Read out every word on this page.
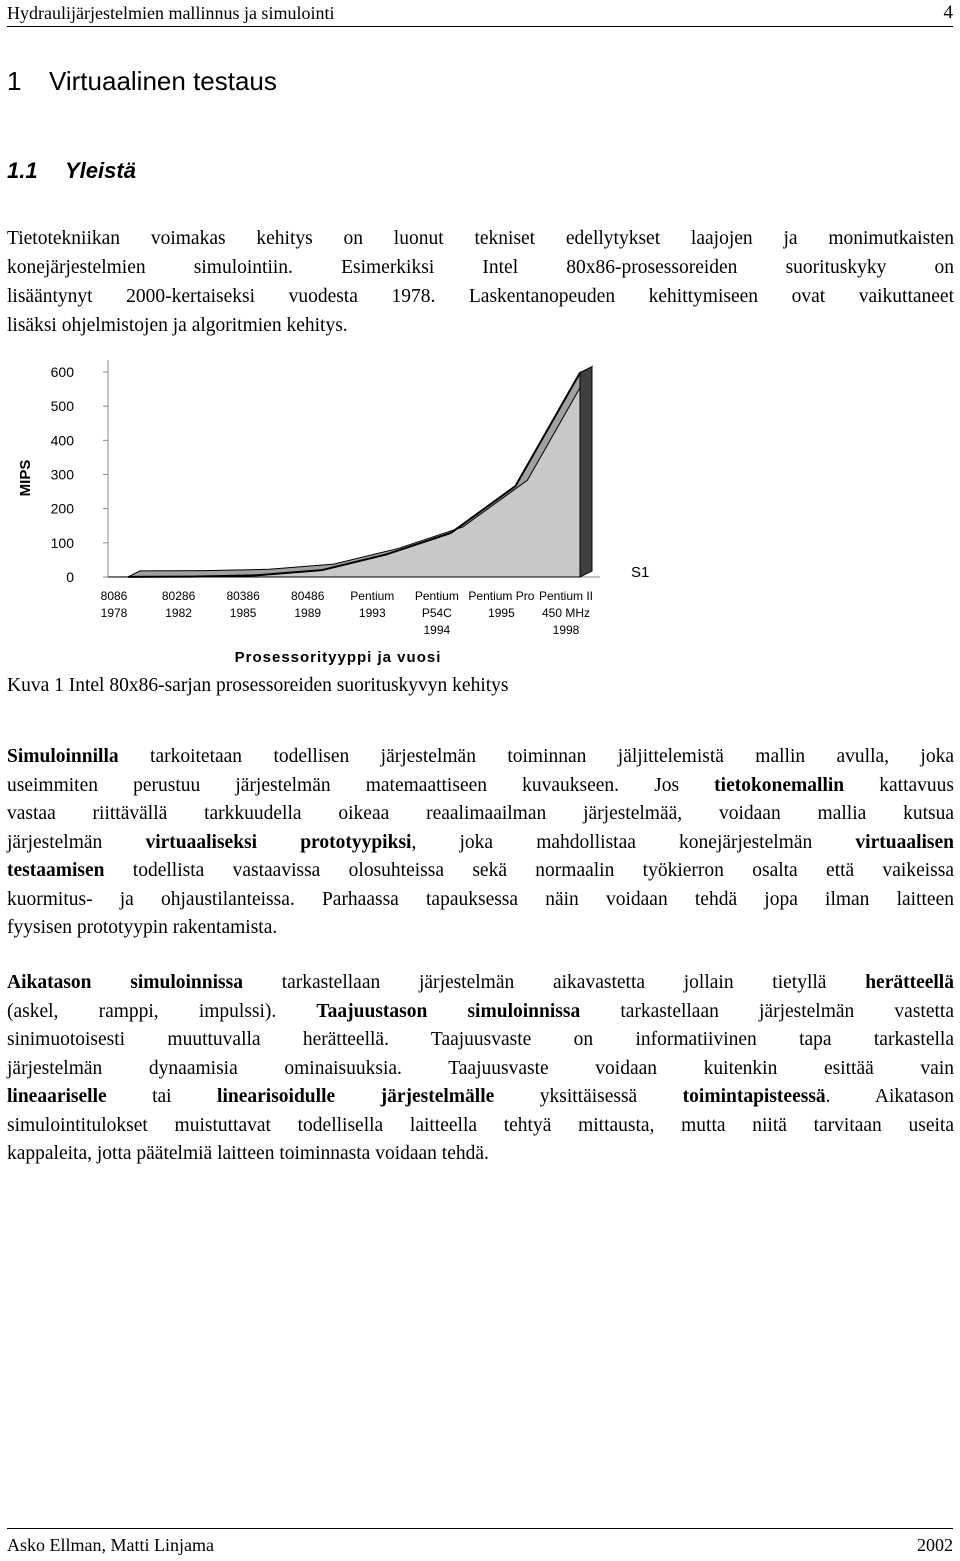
Hydraulijärjestelmien mallinnus ja simulointi	4
1 Virtuaalinen testaus
1.1 Yleistä
Tietotekniikan voimakas kehitys on luonut tekniset edellytykset laajojen ja monimutkaisten
konejärjestelmien simulointiin. Esimerkiksi Intel 80x86-prosessoreiden suorituskyky on
lisääntynyt 2000-kertaiseksi vuodesta 1978. Laskentanopeuden kehittymiseen ovat vaikuttaneet
lisäksi ohjelmistojen ja algoritmien kehitys.
0
100
200
300
400
500
600
8086
1978
80286
1982
80386
1985
80486
1989
Pentium
1993
Pentium
P54C
1994
Pentium Pro
1995
Pentium II
450 MHz
1998
MIPS
S1
Prosessorityyppi ja vuosi

Kuva 1 Intel 80x86-sarjan prosessoreiden suorituskyvyn kehitys

Simuloinnilla tarkoitetaan todellisen järjestelmän toiminnan jäljittelemistä mallin avulla, joka
useimmiten perustuu järjestelmän matemaattiseen kuvaukseen. Jos tietokonemallin kattavuus
vastaa riittävällä tarkkuudella oikeaa reaalimaailman järjestelmää, voidaan mallia kutsua
järjestelmän virtuaaliseksi prototyypiksi, joka mahdollistaa konejärjestelmän virtuaalisen
testaamisen todellista vastaavissa olosuhteissa sekä normaalin työkierron osalta että vaikeissa
kuormitus- ja ohjaustilanteissa. Parhaassa tapauksessa näin voidaan tehdä jopa ilman laitteen
fyysisen prototyypin rakentamista.
Aikatason simuloinnissa tarkastellaan järjestelmän aikavastetta jollain tietyllä herätteellä
(askel, ramppi, impulssi). Taajuustason simuloinnissa tarkastellaan järjestelmän vastetta
sinimuotoisesti muuttuvalla herätteellä. Taajuusvaste on informatiivinen tapa tarkastella
järjestelmän dynaamisia ominaisuuksia. Taajuusvaste voidaan kuitenkin esittää vain
lineaariselle tai linearisoidulle järjestelmälle yksittäisessä toimintapisteessä. Aikatason
simulointitulokset muistuttavat todellisella laitteella tehtyä mittausta, mutta niitä tarvitaan useita
kappaleita, jotta päätelmiä laitteen toiminnasta voidaan tehdä.
Asko Ellman, Matti Linjama	2002
